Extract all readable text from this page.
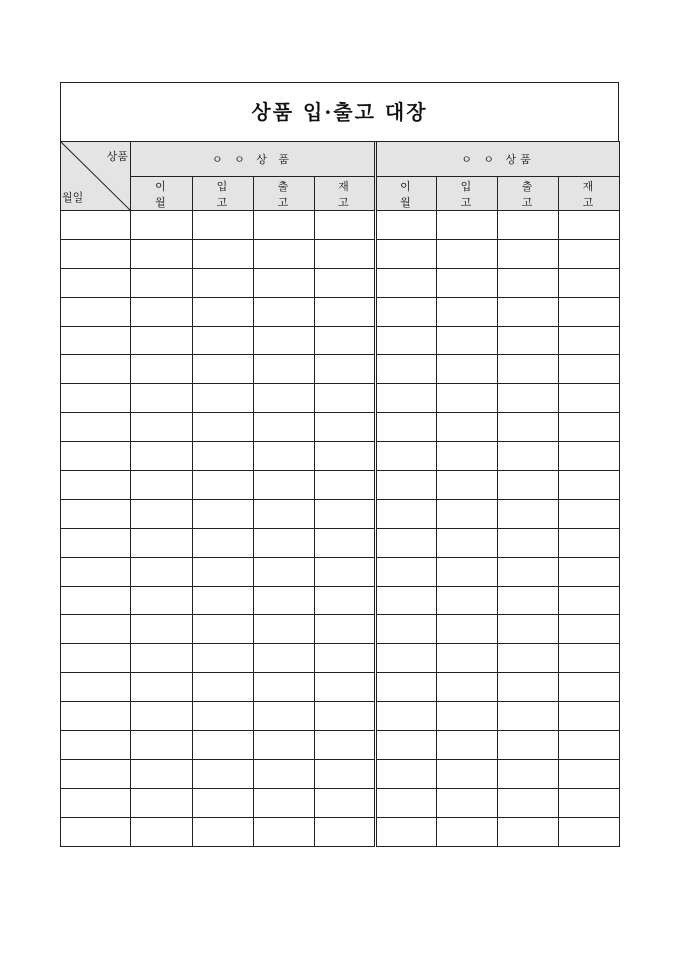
상품 입·출고 대장
상품
월일	ㅇ ㅇ 상 품				ㅇ ㅇ 상품			
	이 월	입 고	출 고	재 고	이 월	입 고	출 고	재 고
